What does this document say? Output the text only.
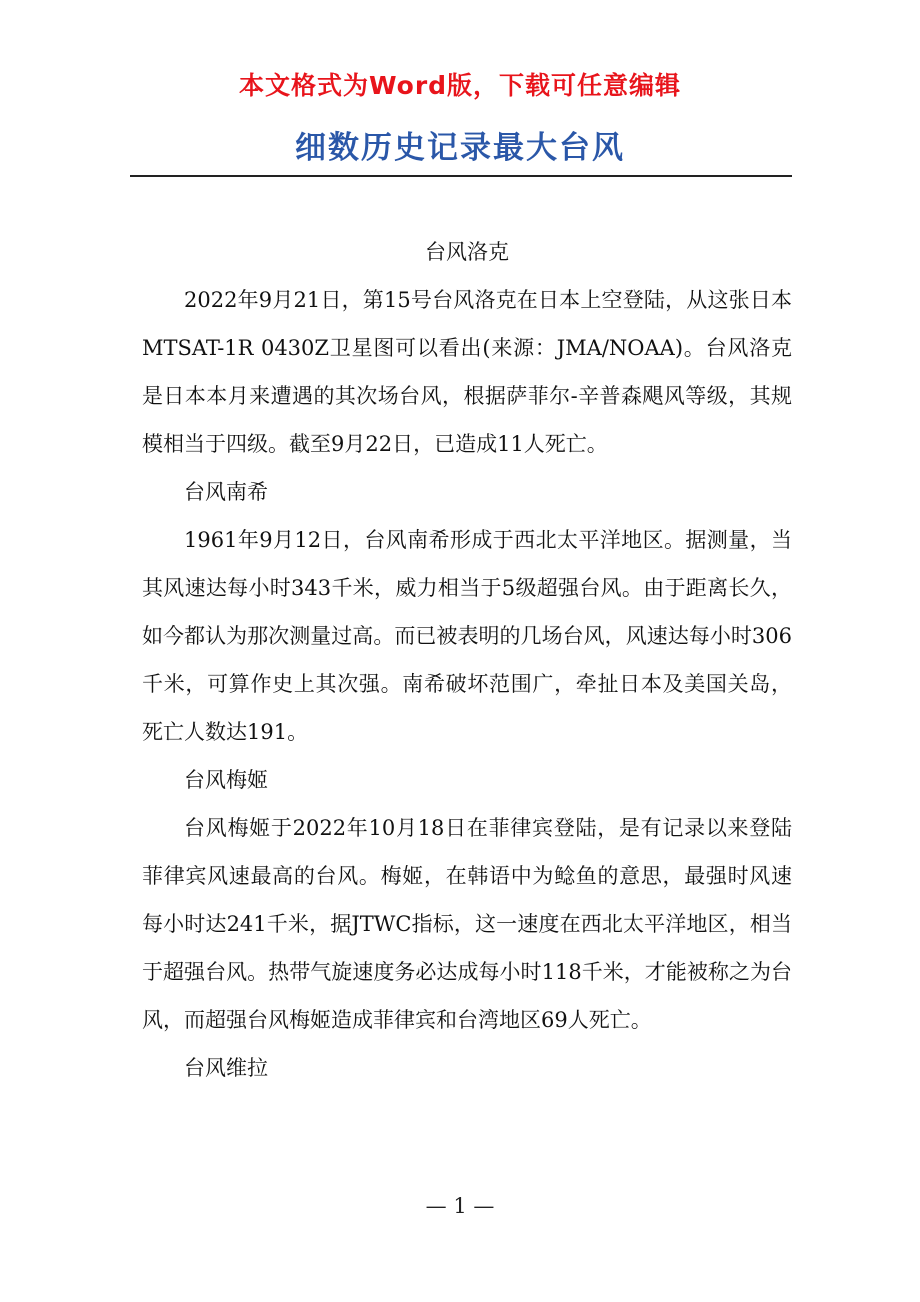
本文格式为Word版，下载可任意编辑
细数历史记录最大台风

台风洛克

2022年9月21日，第15号台风洛克在日本上空登陆，从这张日本MTSAT-1R 0430Z卫星图可以看出(来源：JMA/NOAA)。台风洛克是日本本月来遭遇的其次场台风，根据萨菲尔-辛普森飓风等级，其规模相当于四级。截至9月22日，已造成11人死亡。

台风南希

1961年9月12日，台风南希形成于西北太平洋地区。据测量，当其风速达每小时343千米，威力相当于5级超强台风。由于距离长久，如今都认为那次测量过高。而已被表明的几场台风，风速达每小时306千米，可算作史上其次强。南希破坏范围广，牵扯日本及美国关岛，死亡人数达191。

台风梅姬

台风梅姬于2022年10月18日在菲律宾登陆，是有记录以来登陆菲律宾风速最高的台风。梅姬，在韩语中为鲶鱼的意思，最强时风速每小时达241千米，据JTWC指标，这一速度在西北太平洋地区，相当于超强台风。热带气旋速度务必达成每小时118千米，才能被称之为台风，而超强台风梅姬造成菲律宾和台湾地区69人死亡。

台风维拉

— 1 —
